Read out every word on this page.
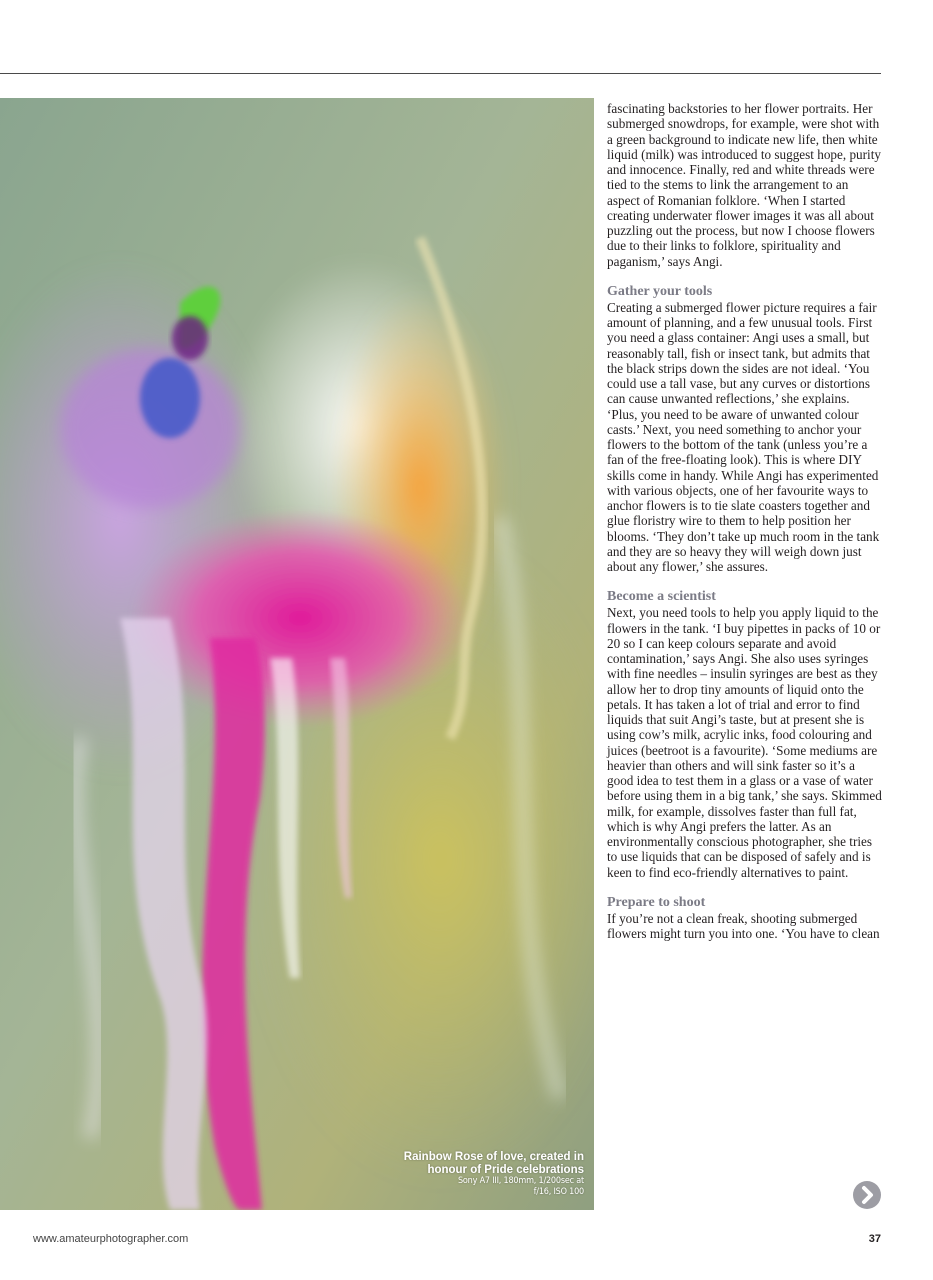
Rainbow Rose of love, created in honour of Pride celebrations

Sony A7 III, 180mm, 1/200sec at

f/16, ISO 100

fascinating backstories to her flower portraits. Her submerged snowdrops, for example, were shot with a green background to indicate new life, then white liquid (milk) was introduced to suggest hope, purity and innocence. Finally, red and white threads were tied to the stems to link the arrangement to an aspect of Romanian folklore. ‘When I started creating underwater flower images it was all about puzzling out the process, but now I choose flowers due to their links to folklore, spirituality and paganism,’ says Angi.

Gather your tools

Creating a submerged flower picture requires a fair amount of planning, and a few unusual tools. First you need a glass container: Angi uses a small, but reasonably tall, fish or insect tank, but admits that the black strips down the sides are not ideal. ‘You could use a tall vase, but any curves or distortions can cause unwanted reflections,’ she explains. ‘Plus, you need to be aware of unwanted colour casts.’ Next, you need something to anchor your flowers to the bottom of the tank (unless you’re a fan of the free-floating look). This is where DIY skills come in handy. While Angi has experimented with various objects, one of her favourite ways to anchor flowers is to tie slate coasters together and glue floristry wire to them to help position her blooms. ‘They don’t take up much room in the tank and they are so heavy they will weigh down just about any flower,’ she assures.

Become a scientist

Next, you need tools to help you apply liquid to the flowers in the tank. ‘I buy pipettes in packs of 10 or 20 so I can keep colours separate and avoid contamination,’ says Angi. She also uses syringes with fine needles – insulin syringes are best as they allow her to drop tiny amounts of liquid onto the petals. It has taken a lot of trial and error to find liquids that suit Angi’s taste, but at present she is using cow’s milk, acrylic inks, food colouring and juices (beetroot is a favourite). ‘Some mediums are heavier than others and will sink faster so it’s a good idea to test them in a glass or a vase of water before using them in a big tank,’ she says. Skimmed milk, for example, dissolves faster than full fat, which is why Angi prefers the latter. As an environmentally conscious photographer, she tries to use liquids that can be disposed of safely and is keen to find eco-friendly alternatives to paint.

Prepare to shoot

If you’re not a clean freak, shooting submerged flowers might turn you into one. ‘You have to clean

www.amateurphotographer.com	37
